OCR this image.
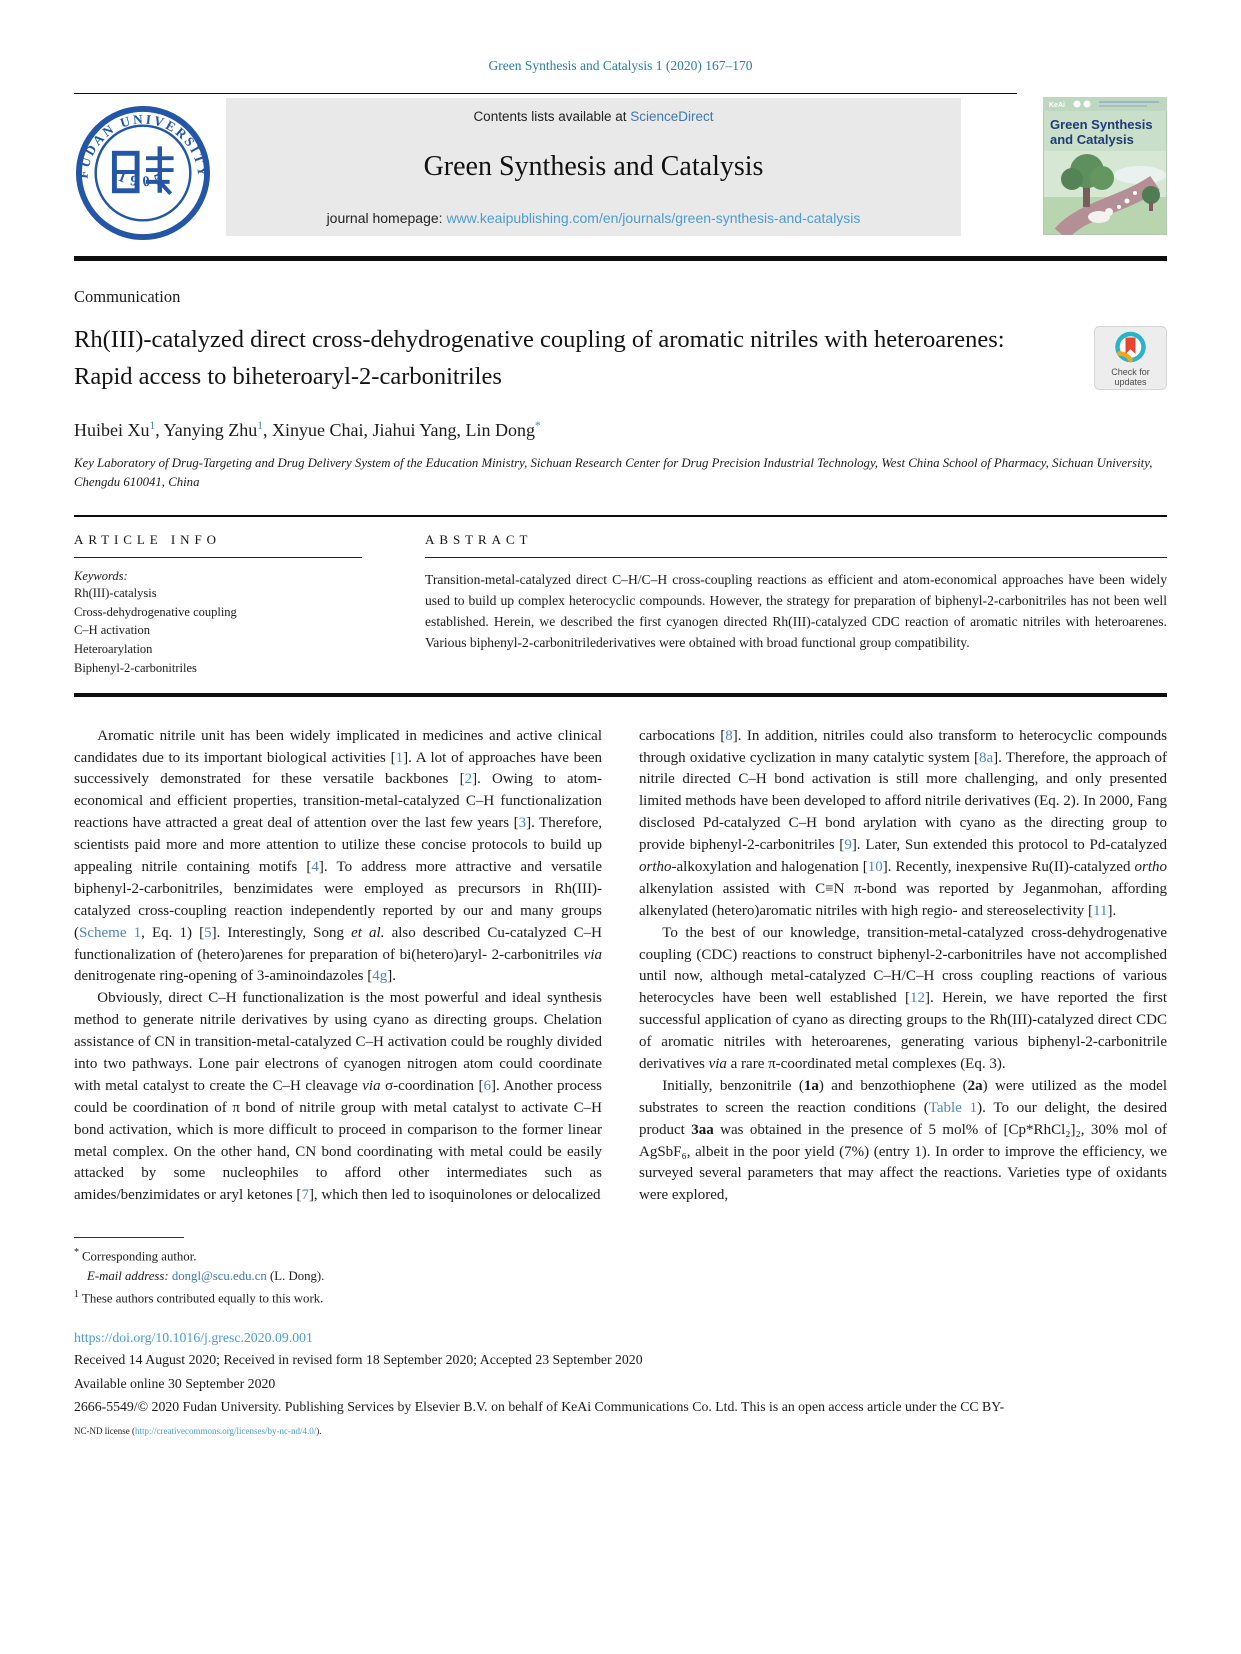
Green Synthesis and Catalysis 1 (2020) 167–170
FUDAN UNIVERSITY
1905
Contents lists available at ScienceDirect
Green Synthesis and Catalysis
journal homepage: www.keaipublishing.com/en/journals/green-synthesis-and-catalysis
KeAi
Green Synthesis
and Catalysis
Communication
Rh(III)-catalyzed direct cross-dehydrogenative coupling of aromatic nitriles with heteroarenes: Rapid access to biheteroaryl-2-carbonitriles	Check for
updates
Huibei Xu$^1$, Yanying Zhu$^1$, Xinyue Chai, Jiahui Yang, Lin Dong*
Key Laboratory of Drug-Targeting and Drug Delivery System of the Education Ministry, Sichuan Research Center for Drug Precision Industrial Technology, West China School of Pharmacy, Sichuan University, Chengdu 610041, China
ARTICLE INFO
Keywords:
Rh(III)-catalysis
Cross-dehydrogenative coupling
C–H activation
Heteroarylation
Biphenyl-2-carbonitriles
ABSTRACT
Transition-metal-catalyzed direct C–H/C–H cross-coupling reactions as efficient and atom-economical approaches have been widely used to build up complex heterocyclic compounds. However, the strategy for preparation of biphenyl-2-carbonitriles has not been well established. Herein, we described the first cyanogen directed Rh(III)-catalyzed CDC reaction of aromatic nitriles with heteroarenes. Various biphenyl-2-carbonitrilederivatives were obtained with broad functional group compatibility.

Aromatic nitrile unit has been widely implicated in medicines and active clinical candidates due to its important biological activities [1]. A lot of approaches have been successively demonstrated for these versatile backbones [2]. Owing to atom-economical and efficient properties, transition-metal-catalyzed C–H functionalization reactions have attracted a great deal of attention over the last few years [3]. Therefore, scientists paid more and more attention to utilize these concise protocols to build up appealing nitrile containing motifs [4]. To address more attractive and versatile biphenyl-2-carbonitriles, benzimidates were employed as precursors in Rh(III)-catalyzed cross-coupling reaction independently reported by our and many groups (Scheme 1, Eq. 1) [5]. Interestingly, Song et al. also described Cu-catalyzed C–H functionalization of (hetero)arenes for preparation of bi(hetero)aryl- 2-carbonitriles via denitrogenate ring-opening of 3-aminoindazoles [4g].

Obviously, direct C–H functionalization is the most powerful and ideal synthesis method to generate nitrile derivatives by using cyano as directing groups. Chelation assistance of CN in transition-metal-catalyzed C–H activation could be roughly divided into two pathways. Lone pair electrons of cyanogen nitrogen atom could coordinate with metal catalyst to create the C–H cleavage via σ-coordination [6]. Another process could be coordination of π bond of nitrile group with metal catalyst to activate C–H bond activation, which is more difficult to proceed in comparison to the former linear metal complex. On the other hand, CN bond coordinating with metal could be easily attacked by some nucleophiles to afford other intermediates such as amides/benzimidates or aryl ketones [7], which then led to isoquinolones or delocalized

carbocations [8]. In addition, nitriles could also transform to heterocyclic compounds through oxidative cyclization in many catalytic system [8a]. Therefore, the approach of nitrile directed C–H bond activation is still more challenging, and only presented limited methods have been developed to afford nitrile derivatives (Eq. 2). In 2000, Fang disclosed Pd-catalyzed C–H bond arylation with cyano as the directing group to provide biphenyl-2-carbonitriles [9]. Later, Sun extended this protocol to Pd-catalyzed ortho-alkoxylation and halogenation [10]. Recently, inexpensive Ru(II)-catalyzed ortho alkenylation assisted with C≡N π-bond was reported by Jeganmohan, affording alkenylated (hetero)aromatic nitriles with high regio- and stereoselectivity [11].

To the best of our knowledge, transition-metal-catalyzed cross-dehydrogenative coupling (CDC) reactions to construct biphenyl-2-carbonitriles have not accomplished until now, although metal-catalyzed C–H/C–H cross coupling reactions of various heterocycles have been well established [12]. Herein, we have reported the first successful application of cyano as directing groups to the Rh(III)-catalyzed direct CDC of aromatic nitriles with heteroarenes, generating various biphenyl-2-carbonitrile derivatives via a rare π-coordinated metal complexes (Eq. 3).

Initially, benzonitrile (1a) and benzothiophene (2a) were utilized as the model substrates to screen the reaction conditions (Table 1). To our delight, the desired product 3aa was obtained in the presence of 5 mol% of [Cp*RhCl₂]₂, 30% mol of AgSbF₆, albeit in the poor yield (7%) (entry 1). In order to improve the efficiency, we surveyed several parameters that may affect the reactions. Varieties type of oxidants were explored,

* Corresponding author.
E-mail address: dongl@scu.edu.cn (L. Dong).
$^1$ These authors contributed equally to this work.
https://doi.org/10.1016/j.gresc.2020.09.001
Received 14 August 2020; Received in revised form 18 September 2020; Accepted 23 September 2020
Available online 30 September 2020
2666-5549/© 2020 Fudan University. Publishing Services by Elsevier B.V. on behalf of KeAi Communications Co. Ltd. This is an open access article under the CC BY-
NC-ND license (http://creativecommons.org/licenses/by-nc-nd/4.0/).
